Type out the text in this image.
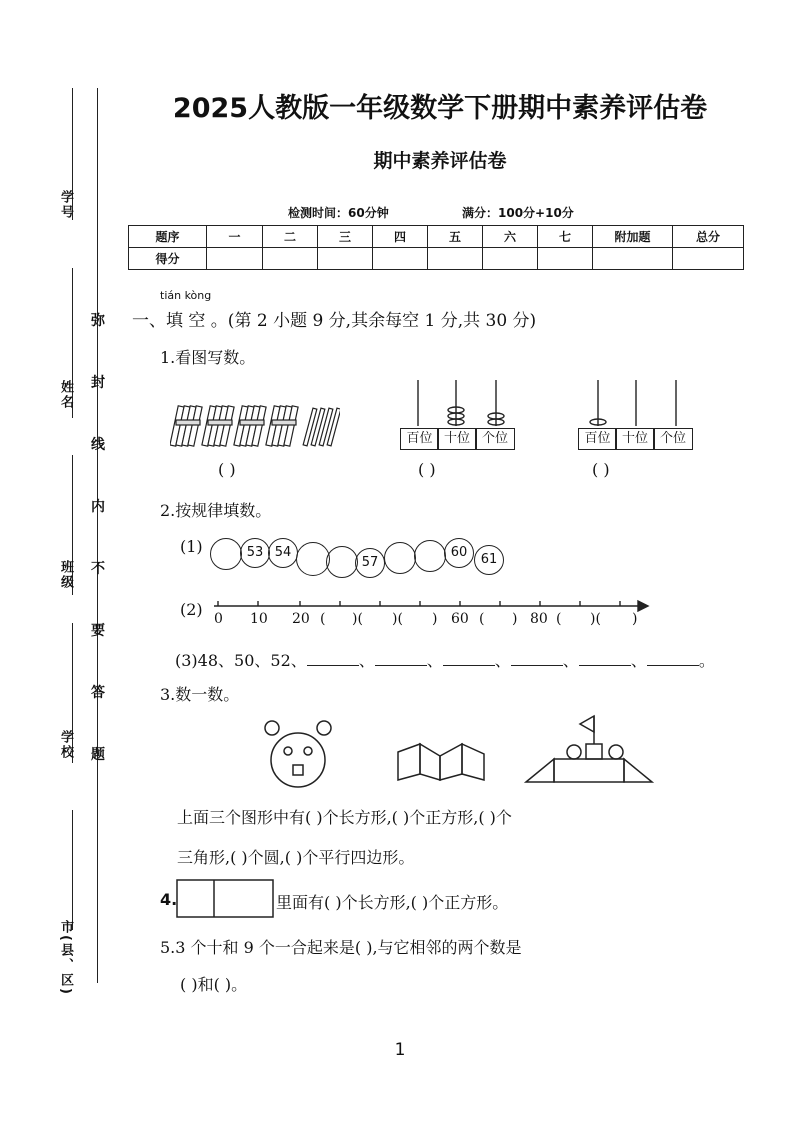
学号
姓名
班级
学校
市(县、区)
弥
封
线
内
不
要
答
题
2025人教版一年级数学下册期中素养评估卷
期中素养评估卷
检测时间：60分钟	满分：100分+10分
题序	一	二	三	四	五	六	七	附加题	总分
得分									
tián kòng
一、填 空 。(第 2 小题 9 分,其余每空 1 分,共 30 分)
1.看图写数。
百位 十位 个位	百位 十位 个位
( )	( )	( )
2.按规律填数。
(1)	53 54
57
60	61
(2) 0 10 20 ( )( )( ) 60 ( ) 80 ( )( )
(3)48、50、52、	、	、	、	、	、	。
3.数一数。
上面三个图形中有( )个长方形,( )个正方形,( )个
三角形,( )个圆,( )个平行四边形。
4.	里面有( )个长方形,( )个正方形。
5.3 个十和 9 个一合起来是( ),与它相邻的两个数是
( )和( )。
1
